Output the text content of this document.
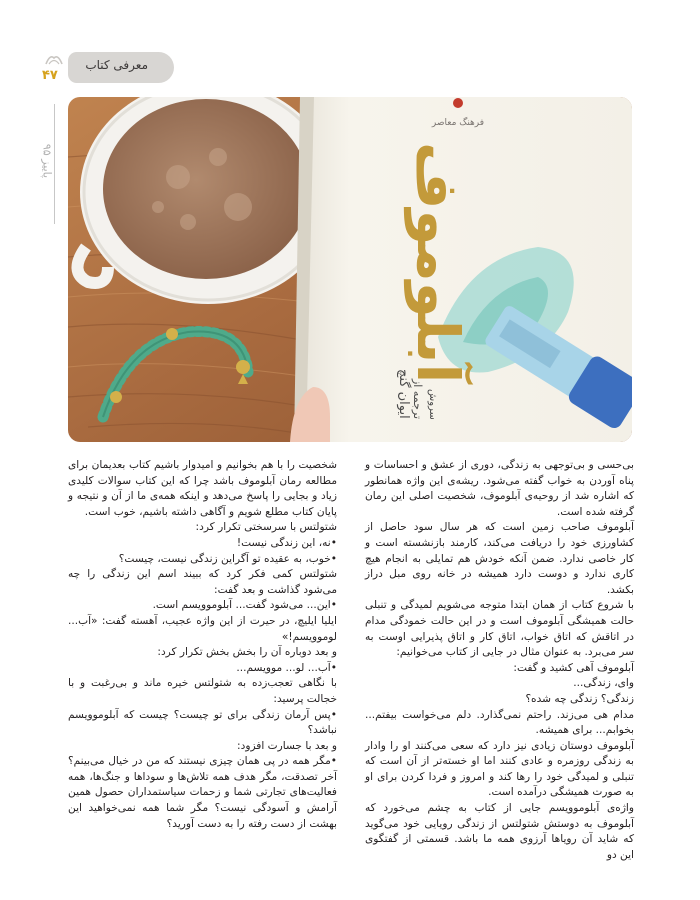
معرفی کتاب
۴۷
پاییز ۹۵
فرهنگ معاصر
آبلوموف
ایوان گنچ ترجمه از سروش

بی‌حسی و بی‌توجهی به زندگی، دوری از عشق و احساسات و پناه آوردن به خواب گفته می‌شود. ریشه‌ی این واژه همانطور که اشاره شد از روحیه‌ی آبلوموف، شخصیت اصلی این رمان گرفته شده است.

آبلوموف صاحب زمین است که هر سال سود حاصل از کشاورزی خود را دریافت می‌کند، کارمند بازنشسته است و کار خاصی ندارد. ضمن آنکه خودش هم تمایلی به انجام هیچ کاری ندارد و دوست دارد همیشه در خانه روی مبل دراز بکشد.

با شروع کتاب از همان ابتدا متوجه می‌شویم لمیدگی و تنبلی حالت همیشگی آبلوموف است و در این حالت خمودگی مدام در اتاقش که اتاق خواب، اتاق کار و اتاق پذیرایی اوست به سر می‌برد. به عنوان مثال در جایی از کتاب می‌خوانیم:

آبلوموف آهی کشید و گفت:

وای، زندگی...

زندگی؟ زندگی چه شده؟

مدام هی می‌زند. راحتم نمی‌گذارد. دلم می‌خواست بیفتم... بخوابم... برای همیشه.

آبلوموف دوستان زیادی نیز دارد که سعی می‌کنند او را وادار به زندگی روزمره و عادی کنند اما او خسته‌تر از آن است که تنبلی و لمیدگی خود را رها کند و امروز و فردا کردن برای او به صورت همیشگی درآمده است.

واژه‌ی آبلوموویسم جایی از کتاب به چشم می‌خورد که آبلوموف به دوستش شتولتس از زندگی رویایی خود می‌گوید که شاید آن رویاها آرزوی همه ما باشد. قسمتی از گفتگوی این دو

شخصیت را با هم بخوانیم و امیدوار باشیم کتاب بعدیمان برای مطالعه رمان آبلوموف باشد چرا که این کتاب سوالات کلیدی زیاد و بجایی را پاسخ می‌دهد و اینکه همه‌ی ما از آن و نتیجه و پایان کتاب مطلع شویم و آگاهی داشته باشیم، خوب است.

شتولتس با سرسختی تکرار کرد:

•نه، این زندگی نیست!

•خوب، به عقیده تو آگراین زندگی نیست، چیست؟

شتولتس کمی فکر کرد که ببیند اسم این زندگی را چه می‌شود گذاشت و بعد گفت:

•این... می‌شود گفت... آبلوموویسم است.

ایلیا ایلیچ، در حیرت از این واژه عجیب، آهسته گفت: «آب... لوموویسم!»

و بعد دوباره آن را بخش بخش تکرار کرد:

•آب... لو... موویسم...

با نگاهی تعجب‌زده به شتولتس خیره ماند و بی‌رغبت و با خجالت پرسید:

•پس آرمان زندگی برای تو چیست؟ چیست که آبلوموویسم نباشد؟

و بعد با جسارت افزود:

•مگر همه در پی همان چیزی نیستند که من در خیال می‌بینم؟ آخر تصدقت، مگر هدف همه تلاش‌ها و سوداها و جنگ‌ها، همه فعالیت‌های تجارتی شما و زحمات سیاستمداران حصول همین آرامش و آسودگی نیست؟ مگر شما همه نمی‌خواهید این بهشت از دست رفته را به دست آورید؟
